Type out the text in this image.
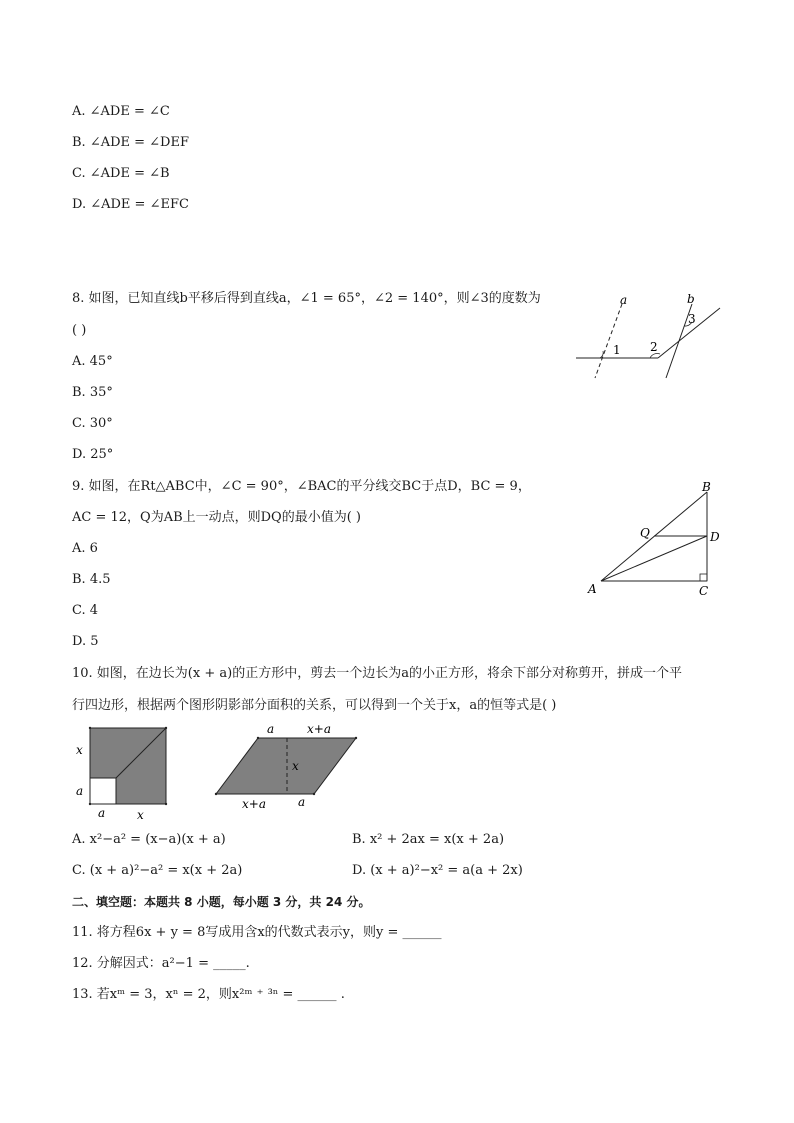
A. ∠ADE = ∠C
B. ∠ADE = ∠DEF
C. ∠ADE = ∠B
D. ∠ADE = ∠EFC
8. 如图，已知直线b平移后得到直线a，∠1 = 65°，∠2 = 140°，则∠3的度数为
( )
A. 45°
B. 35°
C. 30°
D. 25°
a	b
1 2
3
9. 如图，在Rt△ABC中，∠C = 90°，∠BAC的平分线交BC于点D，BC = 9，
AC = 12，Q为AB上一动点，则DQ的最小值为( )
A. 6
B. 4.5
C. 4
D. 5
B
Q	D
A	C
10. 如图，在边长为(x + a)的正方形中，剪去一个边长为a的小正方形，将余下部分对称剪开，拼成一个平
行四边形，根据两个图形阴影部分面积的关系，可以得到一个关于x，a的恒等式是( )
x
a
a	x
a	x+a
x
x+a	a
A. x²−a² = (x−a)(x + a)	B. x² + 2ax = x(x + 2a)
C. (x + a)²−a² = x(x + 2a)	D. (x + a)²−x² = a(a + 2x)
二、填空题：本题共 8 小题，每小题 3 分，共 24 分。
11. 将方程6x + y = 8写成用含x的代数式表示y，则y = ______
12. 分解因式：a²−1 = _____.
13. 若xᵐ = 3，xⁿ = 2，则x²ᵐ ⁺ ³ⁿ = ______ .
